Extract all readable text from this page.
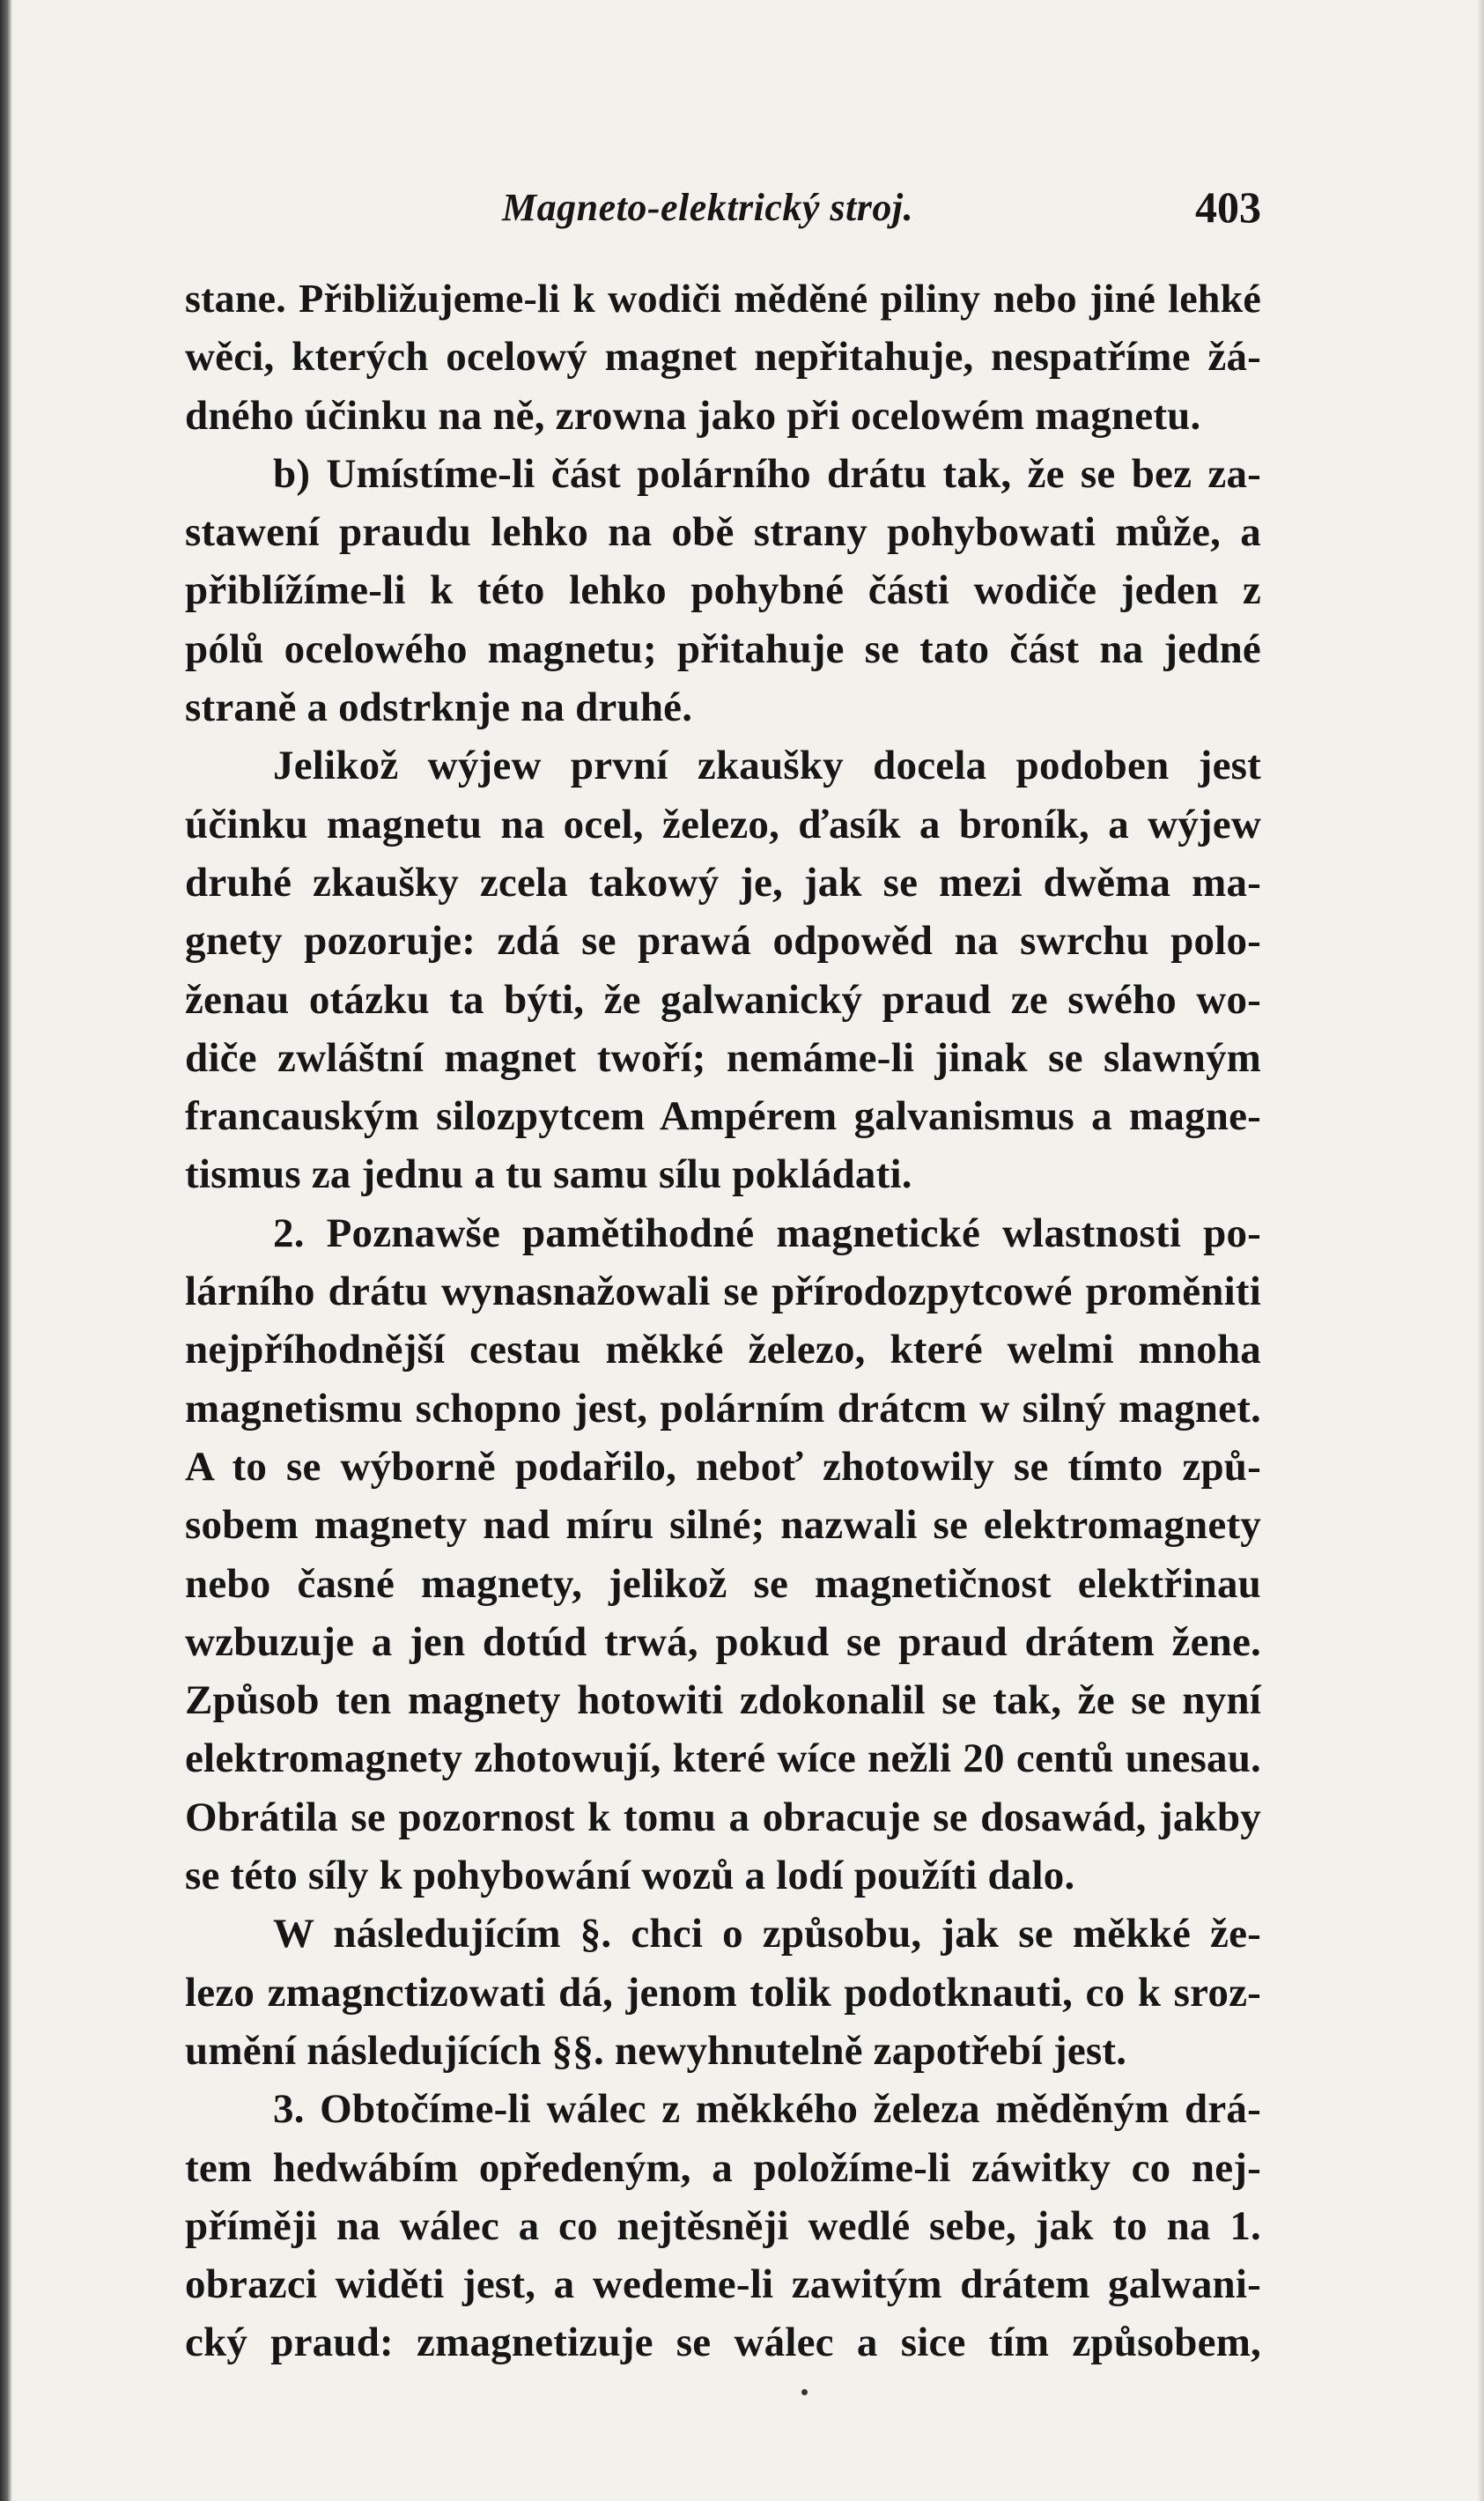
Magneto-elektrický stroj.	403

stane. Přibližujeme-li k wodiči měděné piliny nebo jiné lehké
wěci, kterých ocelowý magnet nepřitahuje, nespatříme žá-
dného účinku na ně, zrowna jako při ocelowém magnetu.

b) Umístíme-li část polárního drátu tak, že se bez za-
stawení praudu lehko na obě strany pohybowati může, a
přiblížíme-li k této lehko pohybné části wodiče jeden z
pólů ocelowého magnetu; přitahuje se tato část na jedné
straně a odstrknje na druhé.

Jelikož wýjew první zkaušky docela podoben jest
účinku magnetu na ocel, železo, ďasík a broník, a wýjew
druhé zkaušky zcela takowý je, jak se mezi dwěma ma-
gnety pozoruje: zdá se prawá odpowěd na swrchu polo-
ženau otázku ta býti, že galwanický praud ze swého wo-
diče zwláštní magnet twoří; nemáme-li jinak se slawným
francauským silozpytcem Ampérem galvanismus a magne-
tismus za jednu a tu samu sílu pokládati.

2. Poznawše pamětihodné magnetické wlastnosti po-
lárního drátu wynasnažowali se přírodozpytcowé proměniti
nejpříhodnější cestau měkké železo, které welmi mnoha
magnetismu schopno jest, polárním drátcm w silný magnet.
A to se wýborně podařilo, neboť zhotowily se tímto způ-
sobem magnety nad míru silné; nazwali se elektromagnety
nebo časné magnety, jelikož se magnetičnost elektřinau
wzbuzuje a jen dotúd trwá, pokud se praud drátem žene.
Způsob ten magnety hotowiti zdokonalil se tak, že se nyní
elektromagnety zhotowují, které wíce nežli 20 centů unesau.
Obrátila se pozornost k tomu a obracuje se dosawád, jakby
se této síly k pohybowání wozů a lodí použíti dalo.

W následujícím §. chci o způsobu, jak se měkké že-
lezo zmagnctizowati dá, jenom tolik podotknauti, co k sroz-
umění následujících §§. newyhnutelně zapotřebí jest.

3. Obtočíme-li wálec z měkkého železa měděným drá-
tem hedwábím opředeným, a položíme-li záwitky co nej-
příměji na wálec a co nejtěsněji wedlé sebe, jak to na 1.
obrazci widěti jest, a wedeme-li zawitým drátem galwani-
cký praud: zmagnetizuje se wálec a sice tím způsobem,
